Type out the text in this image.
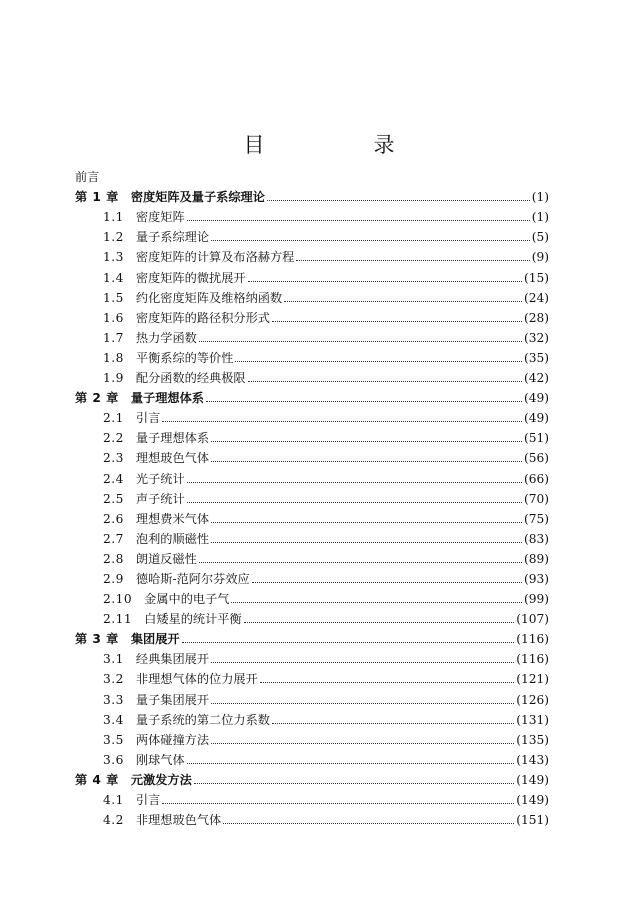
目　录
前言
第 1 章 密度矩阵及量子系综理论	(1)
1.1 密度矩阵	(1)
1.2 量子系综理论	(5)
1.3 密度矩阵的计算及布洛赫方程	(9)
1.4 密度矩阵的微扰展开	(15)
1.5 约化密度矩阵及维格纳函数	(24)
1.6 密度矩阵的路径积分形式	(28)
1.7 热力学函数	(32)
1.8 平衡系综的等价性	(35)
1.9 配分函数的经典极限	(42)
第 2 章 量子理想体系	(49)
2.1 引言	(49)
2.2 量子理想体系	(51)
2.3 理想玻色气体	(56)
2.4 光子统计	(66)
2.5 声子统计	(70)
2.6 理想费米气体	(75)
2.7 泡利的顺磁性	(83)
2.8 朗道反磁性	(89)
2.9 德哈斯-范阿尔芬效应	(93)
2.10 金属中的电子气	(99)
2.11 白矮星的统计平衡	(107)
第 3 章 集团展开	(116)
3.1 经典集团展开	(116)
3.2 非理想气体的位力展开	(121)
3.3 量子集团展开	(126)
3.4 量子系统的第二位力系数	(131)
3.5 两体碰撞方法	(135)
3.6 刚球气体	(143)
第 4 章 元激发方法	(149)
4.1 引言	(149)
4.2 非理想玻色气体	(151)
